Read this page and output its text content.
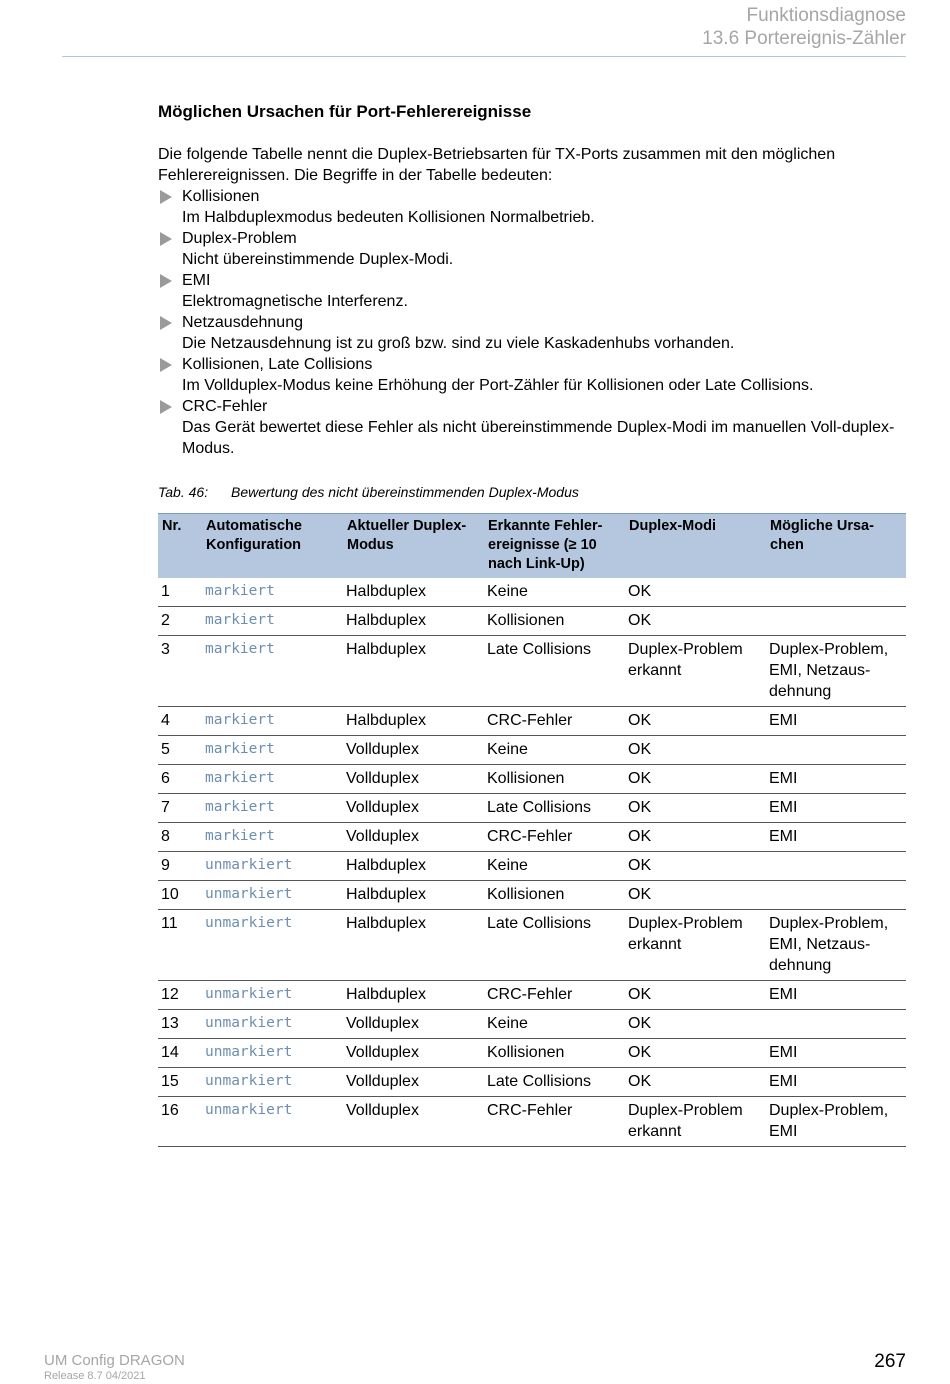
Funktionsdiagnose
13.6 Portereignis-Zähler
Möglichen Ursachen für Port-Fehlerereignisse

Die folgende Tabelle nennt die Duplex-Betriebsarten für TX-Ports zusammen mit den möglichen Fehlerereignissen. Die Begriffe in der Tabelle bedeuten:

Kollisionen
Im Halbduplexmodus bedeuten Kollisionen Normalbetrieb.
Duplex-Problem
Nicht übereinstimmende Duplex-Modi.
EMI
Elektromagnetische Interferenz.
Netzausdehnung
Die Netzausdehnung ist zu groß bzw. sind zu viele Kaskadenhubs vorhanden.
Kollisionen, Late Collisions
Im Vollduplex-Modus keine Erhöhung der Port-Zähler für Kollisionen oder Late Collisions.
CRC-Fehler
Das Gerät bewertet diese Fehler als nicht übereinstimmende Duplex-Modi im manuellen Voll-duplex-Modus.
Tab. 46: Bewertung des nicht übereinstimmenden Duplex-Modus
Nr.	Automatische Konfiguration	Aktueller Duplex-Modus	Erkannte Fehler-ereignisse (≥ 10 nach Link-Up)	Duplex-Modi	Mögliche Ursa-chen
1	markiert	Halbduplex	Keine	OK	
2	markiert	Halbduplex	Kollisionen	OK	
3	markiert	Halbduplex	Late Collisions	Duplex-Problem erkannt	Duplex-Problem, EMI, Netzaus-dehnung
4	markiert	Halbduplex	CRC-Fehler	OK	EMI
5	markiert	Vollduplex	Keine	OK	
6	markiert	Vollduplex	Kollisionen	OK	EMI
7	markiert	Vollduplex	Late Collisions	OK	EMI
8	markiert	Vollduplex	CRC-Fehler	OK	EMI
9	unmarkiert	Halbduplex	Keine	OK	
10	unmarkiert	Halbduplex	Kollisionen	OK	
11	unmarkiert	Halbduplex	Late Collisions	Duplex-Problem erkannt	Duplex-Problem, EMI, Netzaus-dehnung
12	unmarkiert	Halbduplex	CRC-Fehler	OK	EMI
13	unmarkiert	Vollduplex	Keine	OK	
14	unmarkiert	Vollduplex	Kollisionen	OK	EMI
15	unmarkiert	Vollduplex	Late Collisions	OK	EMI
16	unmarkiert	Vollduplex	CRC-Fehler	Duplex-Problem erkannt	Duplex-Problem, EMI
UM Config DRAGON
Release 8.7 04/2021
267
